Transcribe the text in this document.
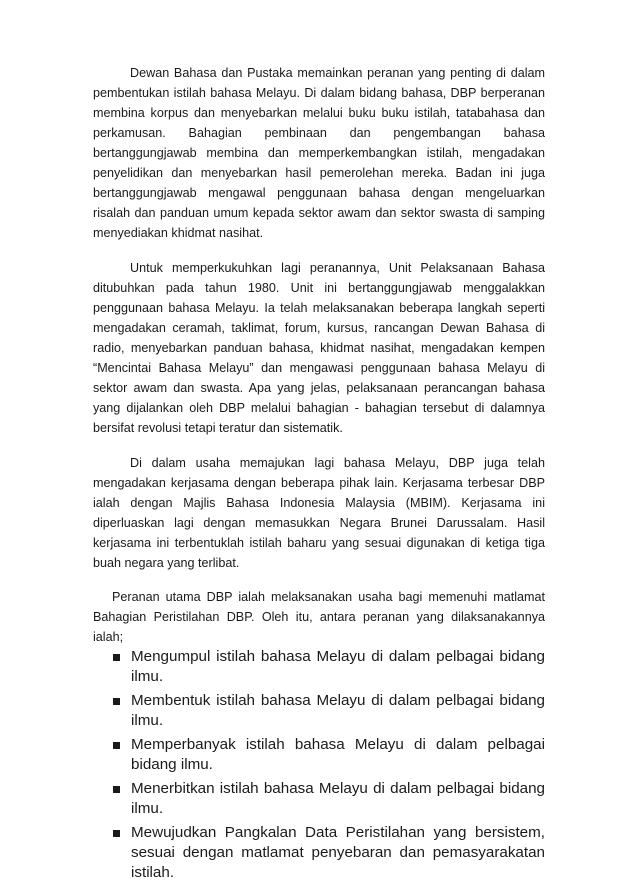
Dewan Bahasa dan Pustaka memainkan peranan yang penting di dalam pembentukan istilah bahasa Melayu. Di dalam bidang bahasa, DBP berperanan membina korpus dan menyebarkan melalui buku buku istilah, tatabahasa dan perkamusan. Bahagian pembinaan dan pengembangan bahasa bertanggungjawab membina dan memperkembangkan istilah, mengadakan penyelidikan dan menyebarkan hasil pemerolehan mereka. Badan ini juga bertanggungjawab mengawal penggunaan bahasa dengan mengeluarkan risalah dan panduan umum kepada sektor awam dan sektor swasta di samping menyediakan khidmat nasihat.

Untuk memperkukuhkan lagi peranannya, Unit Pelaksanaan Bahasa ditubuhkan pada tahun 1980. Unit ini bertanggungjawab menggalakkan penggunaan bahasa Melayu. Ia telah melaksanakan beberapa langkah seperti mengadakan ceramah, taklimat, forum, kursus, rancangan Dewan Bahasa di radio, menyebarkan panduan bahasa, khidmat nasihat, mengadakan kempen “Mencintai Bahasa Melayu” dan mengawasi penggunaan bahasa Melayu di sektor awam dan swasta. Apa yang jelas, pelaksanaan perancangan bahasa yang dijalankan oleh DBP melalui bahagian - bahagian tersebut di dalamnya bersifat revolusi tetapi teratur dan sistematik.

Di dalam usaha memajukan lagi bahasa Melayu, DBP juga telah mengadakan kerjasama dengan beberapa pihak lain. Kerjasama terbesar DBP ialah dengan Majlis Bahasa Indonesia Malaysia (MBIM). Kerjasama ini diperluaskan lagi dengan memasukkan Negara Brunei Darussalam. Hasil kerjasama ini terbentuklah istilah baharu yang sesuai digunakan di ketiga tiga buah negara yang terlibat.

Peranan utama DBP ialah melaksanakan usaha bagi memenuhi matlamat Bahagian Peristilahan DBP. Oleh itu, antara peranan yang dilaksanakannya ialah;

Mengumpul istilah bahasa Melayu di dalam pelbagai bidang ilmu.
Membentuk istilah bahasa Melayu di dalam pelbagai bidang ilmu.
Memperbanyak istilah bahasa Melayu di dalam pelbagai bidang ilmu.
Menerbitkan istilah bahasa Melayu di dalam pelbagai bidang ilmu.
Mewujudkan Pangkalan Data Peristilahan yang bersistem, sesuai dengan matlamat penyebaran dan pemasyarakatan istilah.
